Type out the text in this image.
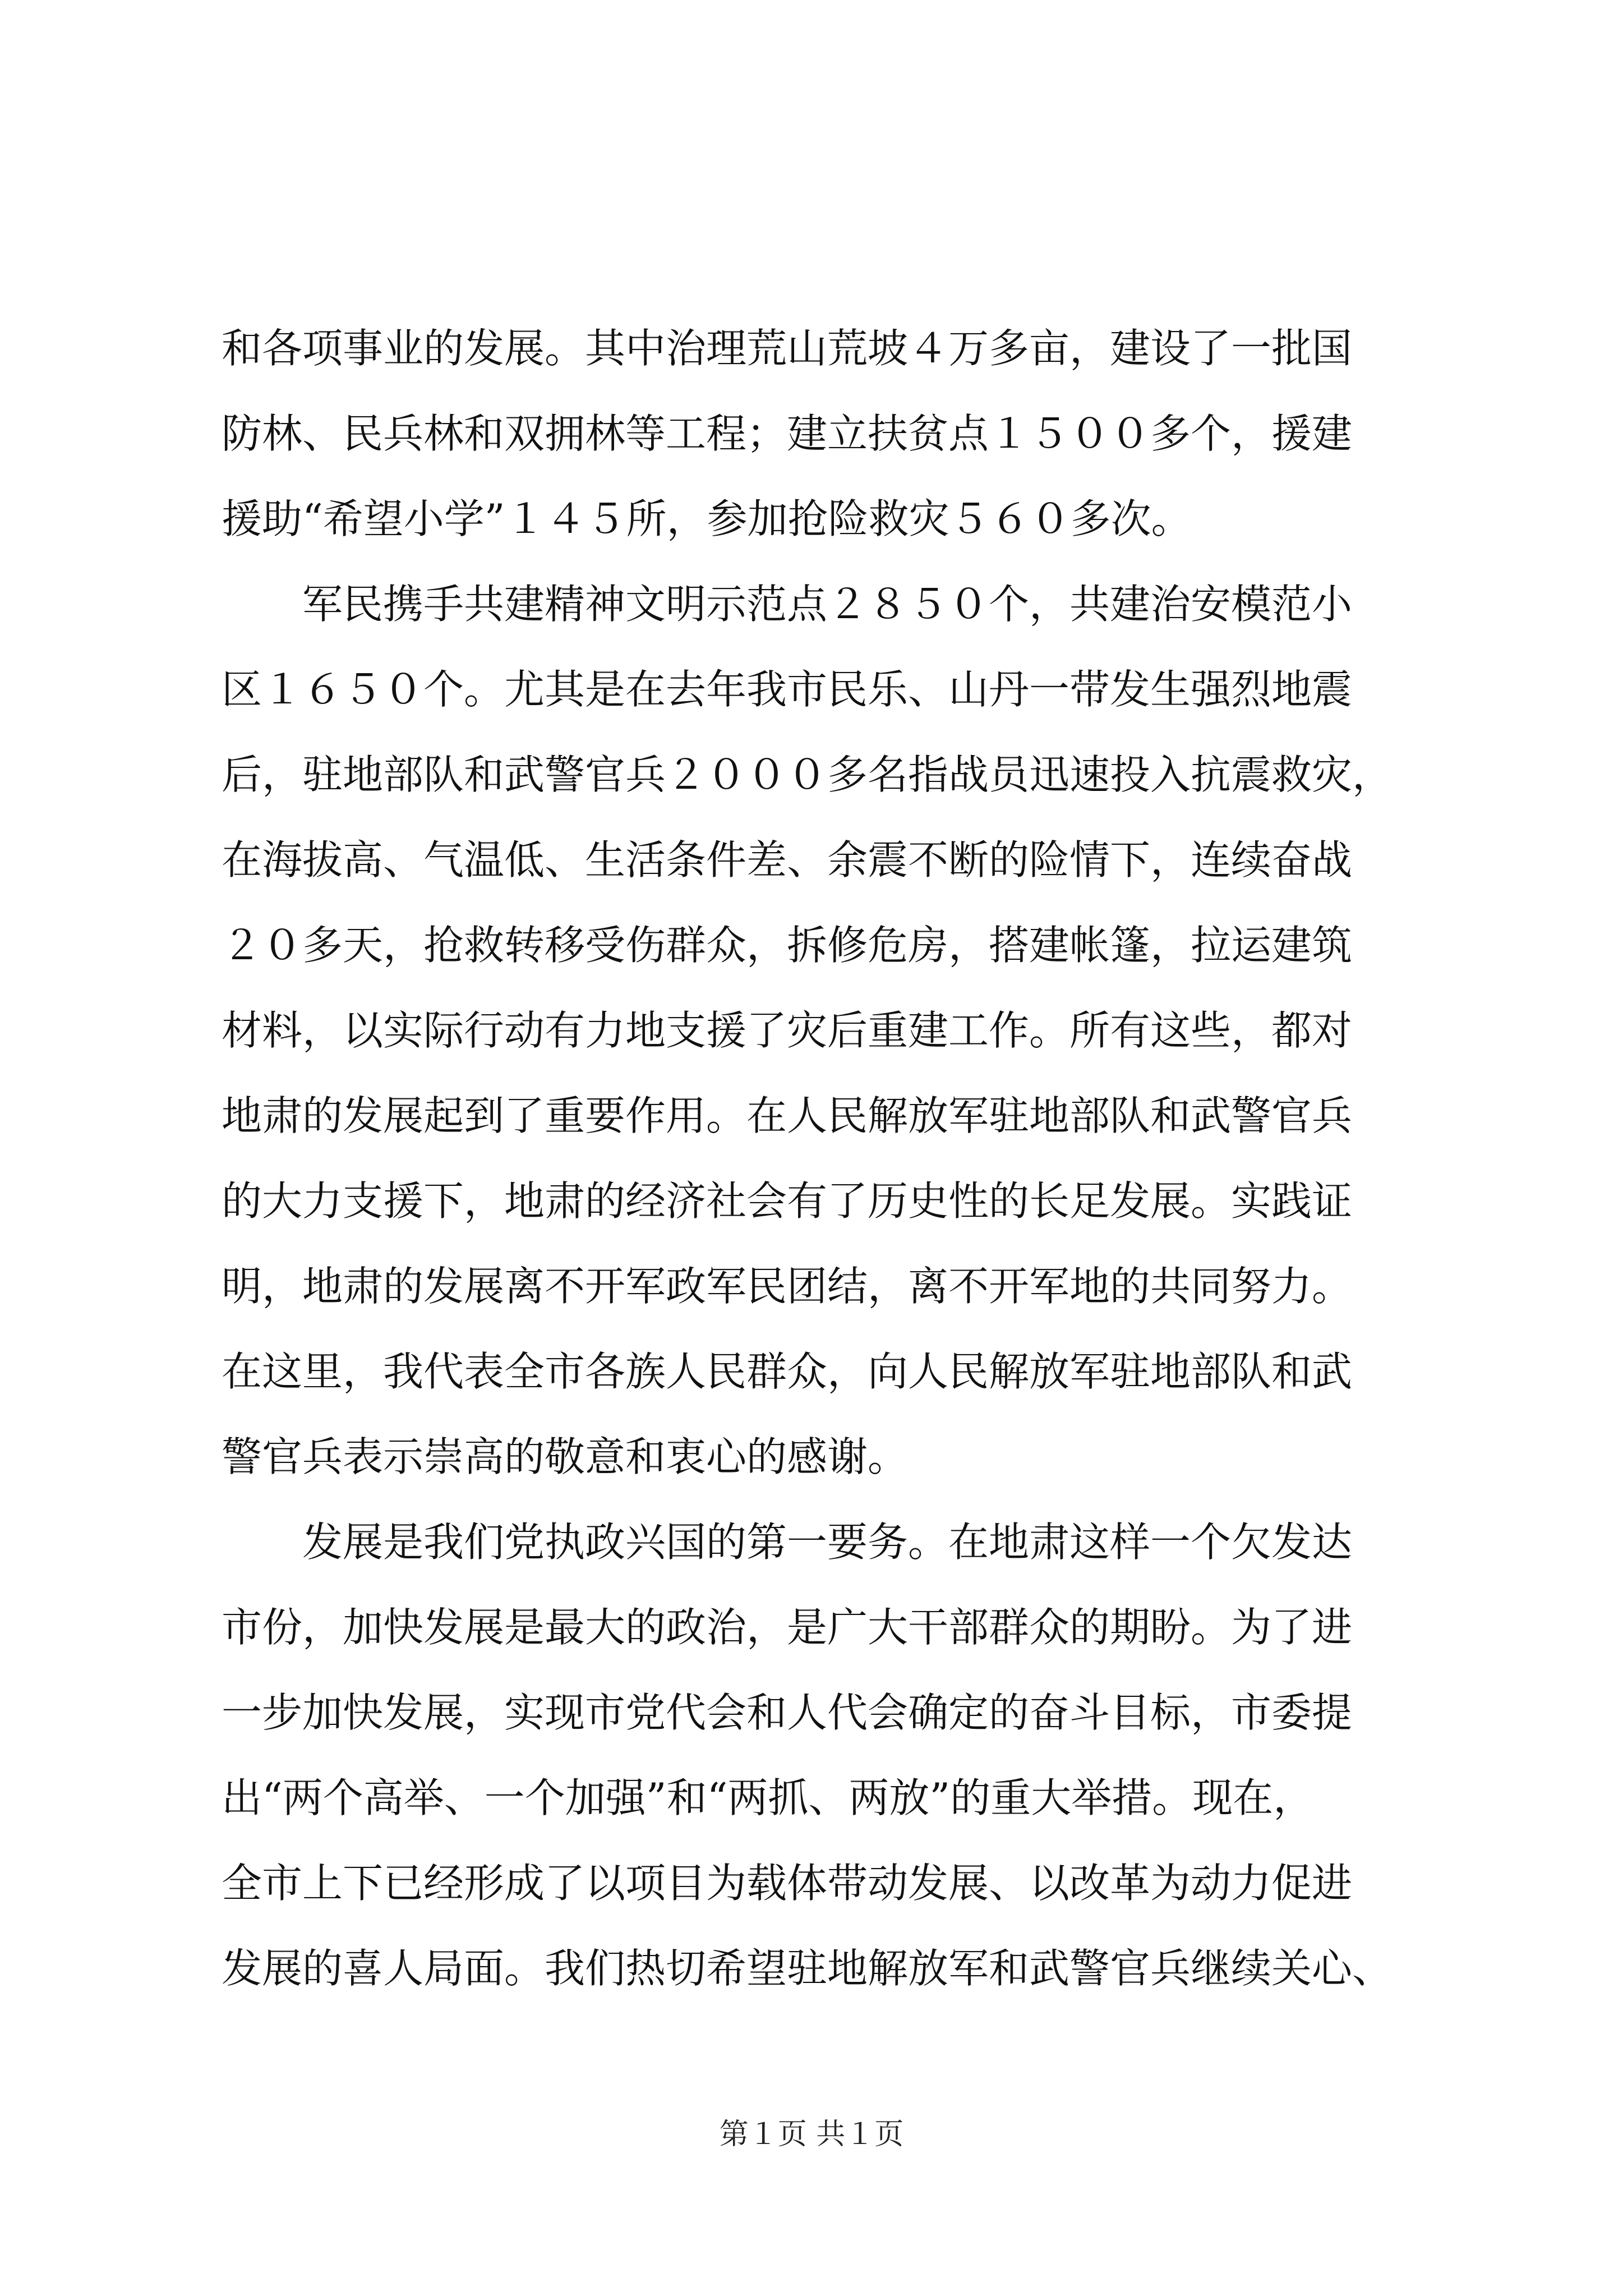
和各项事业的发展。其中治理荒山荒坡４万多亩，建设了一批国
防林、民兵林和双拥林等工程；建立扶贫点１５００多个，援建
援助“希望小学”１４５所，参加抢险救灾５６０多次。
军民携手共建精神文明示范点２８５０个，共建治安模范小
区１６５０个。尤其是在去年我市民乐、山丹一带发生强烈地震
后，驻地部队和武警官兵２０００多名指战员迅速投入抗震救灾，
在海拔高、气温低、生活条件差、余震不断的险情下，连续奋战
２０多天，抢救转移受伤群众，拆修危房，搭建帐篷，拉运建筑
材料，以实际行动有力地支援了灾后重建工作。所有这些，都对
地肃的发展起到了重要作用。在人民解放军驻地部队和武警官兵
的大力支援下，地肃的经济社会有了历史性的长足发展。实践证
明，地肃的发展离不开军政军民团结，离不开军地的共同努力。
在这里，我代表全市各族人民群众，向人民解放军驻地部队和武
警官兵表示崇高的敬意和衷心的感谢。
发展是我们党执政兴国的第一要务。在地肃这样一个欠发达
市份，加快发展是最大的政治，是广大干部群众的期盼。为了进
一步加快发展，实现市党代会和人代会确定的奋斗目标，市委提
出“两个高举、一个加强”和“两抓、两放”的重大举措。现在，
全市上下已经形成了以项目为载体带动发展、以改革为动力促进
发展的喜人局面。我们热切希望驻地解放军和武警官兵继续关心、
第１页 共１页
